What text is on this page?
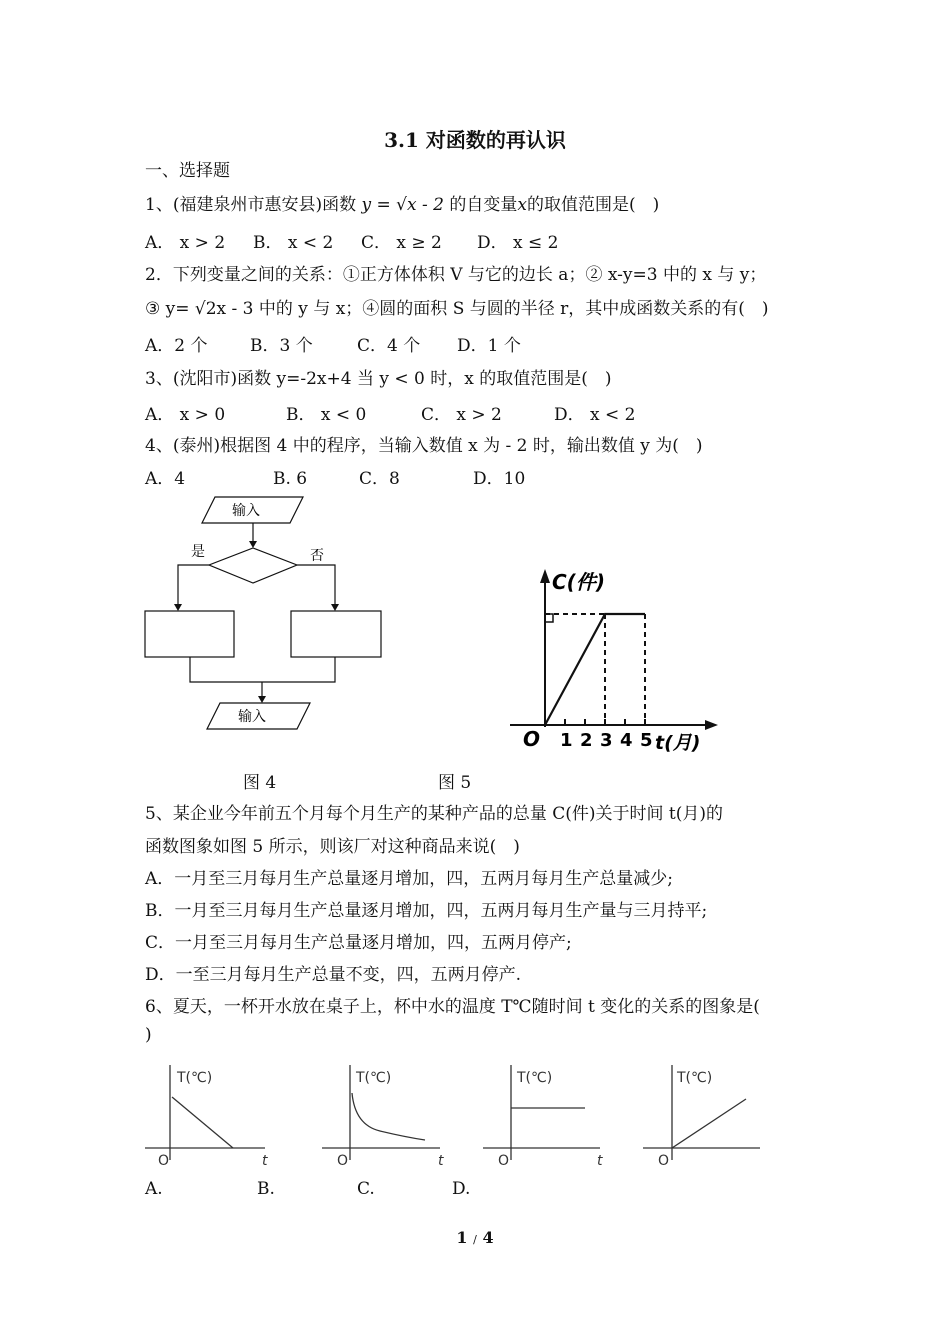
3.1 对函数的再认识
一、选择题
1、(福建泉州市惠安县)函数 y = √x - 2 的自变量x的取值范围是(　)
A． x > 2 B． x < 2 C． x ≥ 2 D． x ≤ 2
2．下列变量之间的关系：①正方体体积 V 与它的边长 a；② x-y=3 中的 x 与 y；
③ y= √2x - 3 中的 y 与 x；④圆的面积 S 与圆的半径 r，其中成函数关系的有(　)
A．2 个	B．3 个	C．4 个 D．1 个
3、(沈阳市)函数 y=-2x+4 当 y < 0 时，x 的取值范围是(　)
A． x > 0	B． x < 0	C． x > 2	D． x < 2
4、(泰州)根据图 4 中的程序，当输入数值 x 为 - 2 时，输出数值 y 为(　)
A．4	B. 6	C．8	D．10
输入
是	否
输入
C(件)
O 1 2 3 4 5 t(月)
图 4	图 5
5、某企业今年前五个月每个月生产的某种产品的总量 C(件)关于时间 t(月)的
函数图象如图 5 所示，则该厂对这种商品来说(　)
A．一月至三月每月生产总量逐月增加，四，五两月每月生产总量减少;
B．一月至三月每月生产总量逐月增加，四，五两月每月生产量与三月持平;
C．一月至三月每月生产总量逐月增加，四，五两月停产;
D．一至三月每月生产总量不变，四，五两月停产.
6、夏天，一杯开水放在桌子上，杯中水的温度 T℃随时间 t 变化的关系的图象是(
)
T(℃)
O	t
T(℃)
O	t
T(℃)
O	t
T(℃)
O
A.	B.	C.	D.
1 / 4
